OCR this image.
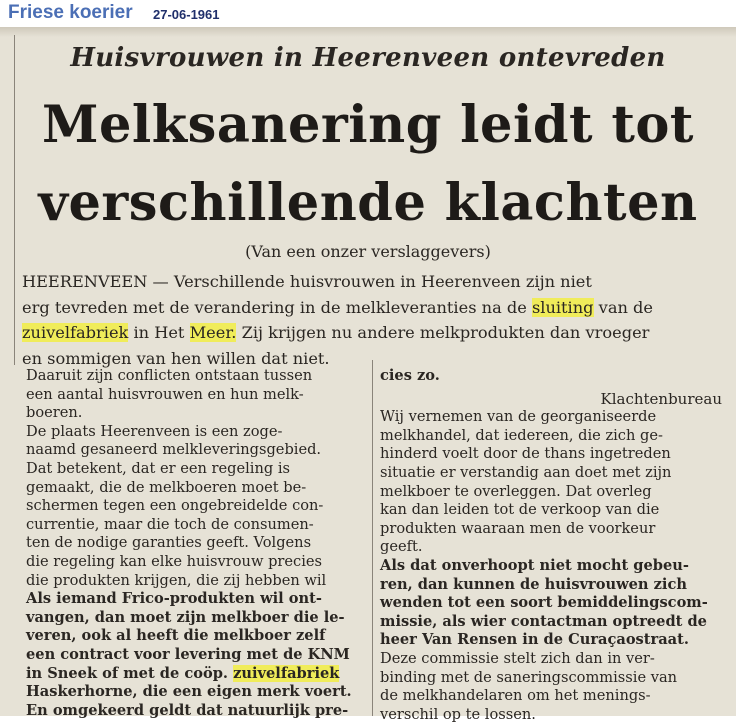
Friese koerier 27-06-1961
Huisvrouwen in Heerenveen ontevreden
Melksanering leidt tot
verschillende klachten
(Van een onzer verslaggevers)
HEERENVEEN — Verschillende huisvrouwen in Heerenveen zijn niet
erg tevreden met de verandering in de melkleveranties na de sluiting van de
zuivelfabriek in Het Meer. Zij krijgen nu andere melkprodukten dan vroeger
en sommigen van hen willen dat niet.
Daaruit zijn conflicten ontstaan tussen
een aantal huisvrouwen en hun melk-
boeren.
De plaats Heerenveen is een zoge-
naamd gesaneerd melkleveringsgebied.
Dat betekent, dat er een regeling is
gemaakt, die de melkboeren moet be-
schermen tegen een ongebreidelde con-
currentie, maar die toch de consumen-
ten de nodige garanties geeft. Volgens
die regeling kan elke huisvrouw precies
die produkten krijgen, die zij hebben wil
Als iemand Frico-produkten wil ont-
vangen, dan moet zijn melkboer die le-
veren, ook al heeft die melkboer zelf
een contract voor levering met de KNM
in Sneek of met de coöp. zuivelfabriek
Haskerhorne, die een eigen merk voert.
En omgekeerd geldt dat natuurlijk pre-
cies zo.
Klachtenbureau
Wij vernemen van de georganiseerde
melkhandel, dat iedereen, die zich ge-
hinderd voelt door de thans ingetreden
situatie er verstandig aan doet met zijn
melkboer te overleggen. Dat overleg
kan dan leiden tot de verkoop van die
produkten waaraan men de voorkeur
geeft.
Als dat onverhoopt niet mocht gebeu-
ren, dan kunnen de huisvrouwen zich
wenden tot een soort bemiddelingscom-
missie, als wier contactman optreedt de
heer Van Rensen in de Curaçaostraat.
Deze commissie stelt zich dan in ver-
binding met de saneringscommissie van
de melkhandelaren om het menings-
verschil op te lossen.
